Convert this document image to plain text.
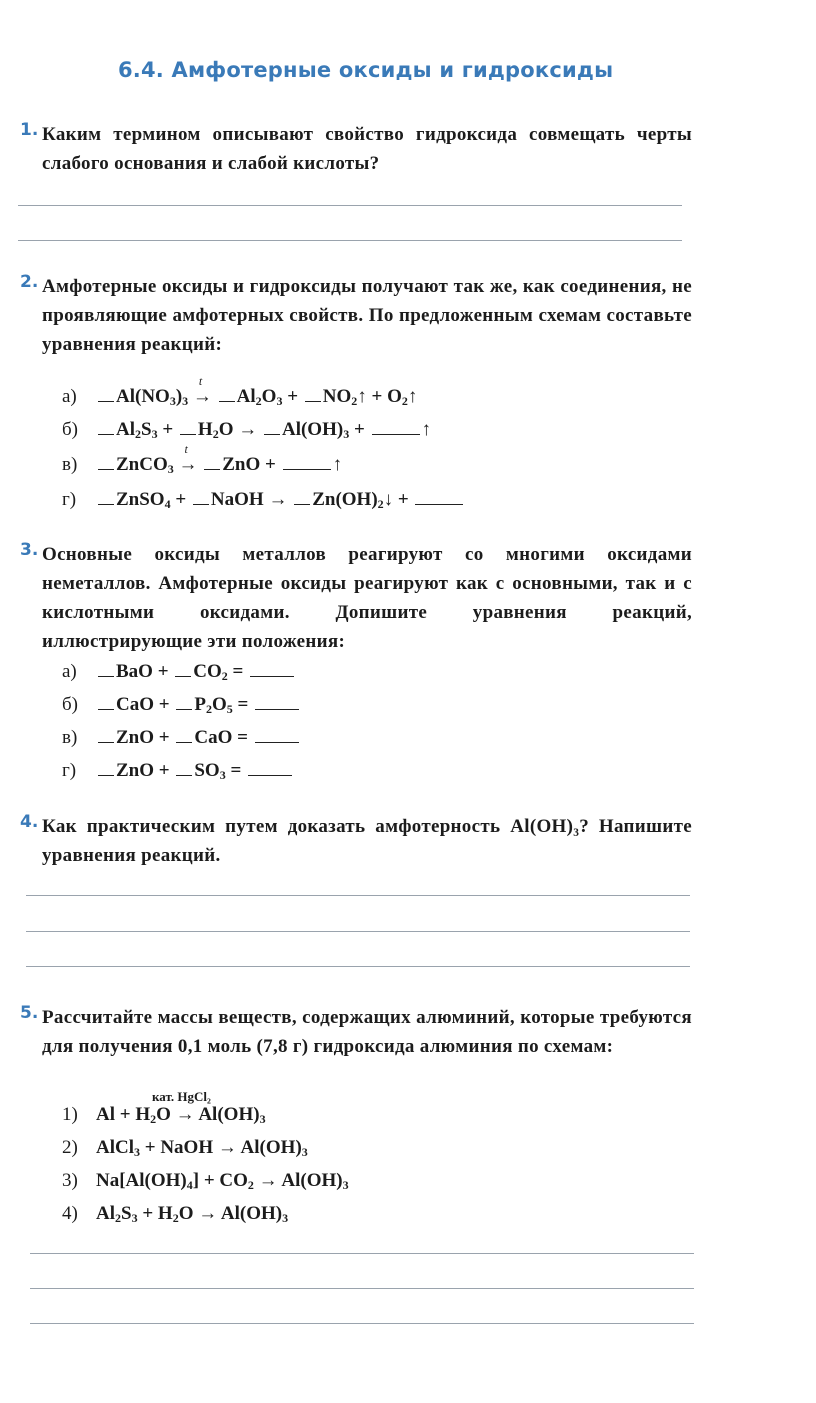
6.4. Амфотерные оксиды и гидроксиды
1. Каким термином описывают свойство гидроксида совмещать черты слабого основания и слабой кислоты?
2. Амфотерные оксиды и гидроксиды получают так же, как соединения, не проявляющие амфотерных свойств. По предложенным схемам составьте уравнения реакций:
а) $Al(NO_3)_3$
t
→ $Al_2O_3$ + $NO_2↑$ + $O_2↑$
б) $Al_2S_3 + H_2O \to Al(OH)_3$ +	↑
в) ZnCO$_3$
t
→ ZnO +	↑
г) ZnSO$_4$ + NaOH → $Zn(OH)_2↓$ +
3. Основные оксиды металлов реагируют со многими оксидами неметаллов. Амфотерные оксиды реагируют как с основными, так и с кислотными оксидами. Допишите уравнения реакций, иллюстрирующие эти положения:
а) BaO + $CO_2$ =
б) CaO + $P_2O_5$ =
в) ZnO + CaO =
г) ZnO + $SO_3$ =
4. Как практическим путем доказать амфотерность Al(OH)₃? Напишите уравнения реакций.
5. Рассчитайте массы веществ, содержащих алюминий, которые требуются для получения 0,1 моль (7,8 г) гидроксида алюминия по схемам:
кат. HgCl₂
1) $Al + H_2O \to Al(OH)_3$
2) AlCl$_3$ + NaOH → $Al(OH)_3$
3) $Na[Al(OH)_4] + CO_2 \to Al(OH)_3$
4) $Al_2S_3 + H_2O \to Al(OH)_3$
